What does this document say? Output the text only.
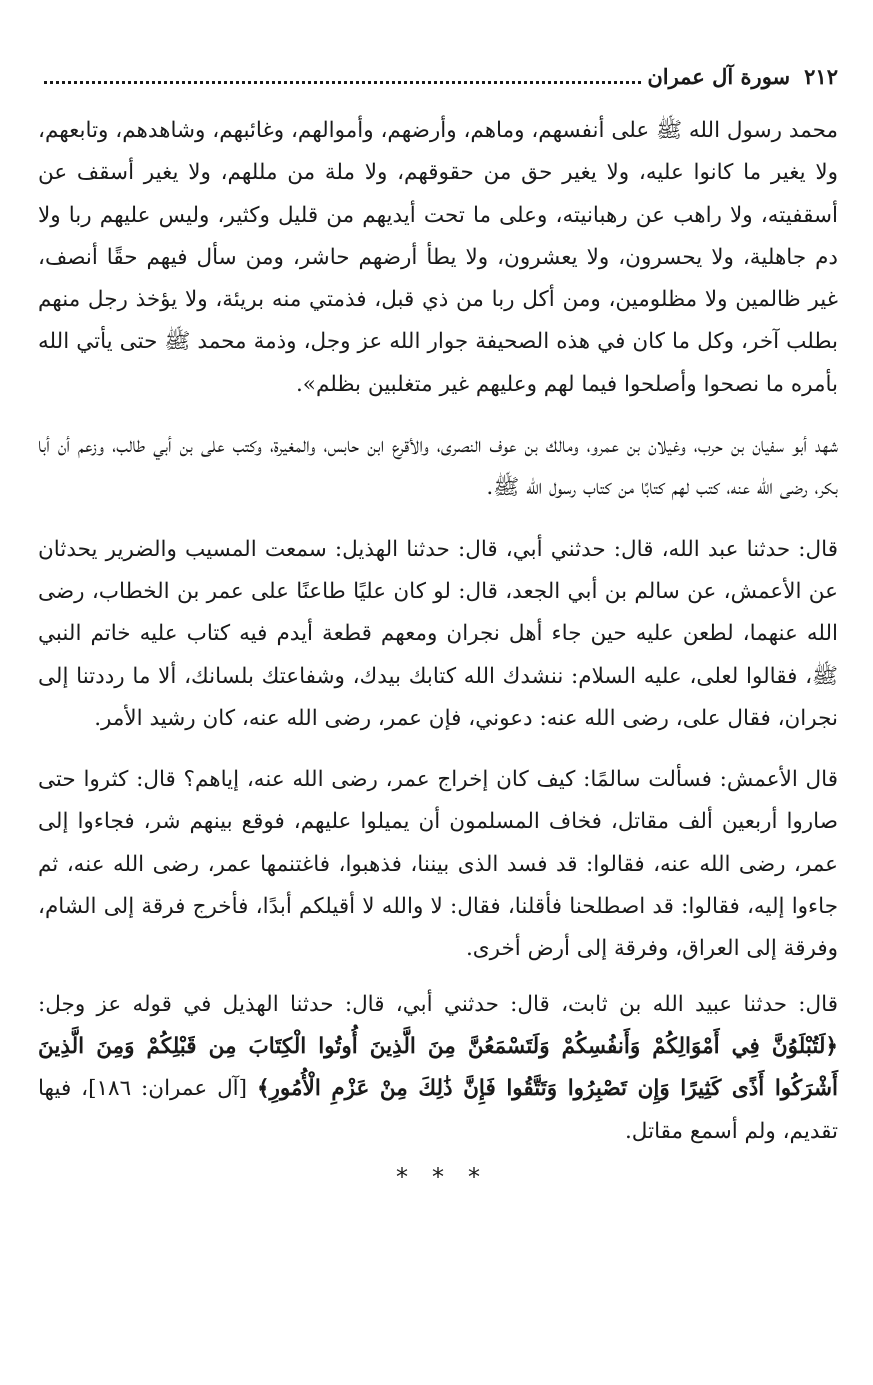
٢١٢
سورة آل عمران

محمد رسول الله ﷺ على أنفسهم، وماهم، وأرضهم، وأموالهم، وغائبهم، وشاهدهم، وتابعهم، ولا يغير ما كانوا عليه، ولا يغير حق من حقوقهم، ولا ملة من مللهم، ولا يغير أسقف عن أسقفيته، ولا راهب عن رهبانيته، وعلى ما تحت أيديهم من قليل وكثير، وليس عليهم ربا ولا دم جاهلية، ولا يحسرون، ولا يعشرون، ولا يطأ أرضهم حاشر، ومن سأل فيهم حقًا أنصف، غير ظالمين ولا مظلومين، ومن أكل ربا من ذي قبل، فذمتي منه بريئة، ولا يؤخذ رجل منهم بطلب آخر، وكل ما كان في هذه الصحيفة جوار الله عز وجل، وذمة محمد ﷺ حتى يأتي الله بأمره ما نصحوا وأصلحوا فيما لهم وعليهم غير متغلبين بظلم».

شهد أبو سفيان بن حرب، وغيلان بن عمرو، ومالك بن عوف النصرى، والأقرع ابن حابس، والمغيرة، وكتب على بن أبي طالب، وزعم أن أبا بكر، رضى الله عنه، كتب لهم كتابًا من كتاب رسول الله ﷺ.

قال: حدثنا عبد الله، قال: حدثني أبي، قال: حدثنا الهذيل: سمعت المسيب والضرير يحدثان عن الأعمش، عن سالم بن أبي الجعد، قال: لو كان عليًا طاعنًا على عمر بن الخطاب، رضى الله عنهما، لطعن عليه حين جاء أهل نجران ومعهم قطعة أيدم فيه كتاب عليه خاتم النبي ﷺ، فقالوا لعلى، عليه السلام: ننشدك الله كتابك بيدك، وشفاعتك بلسانك، ألا ما رددتنا إلى نجران، فقال على، رضى الله عنه: دعوني، فإن عمر، رضى الله عنه، كان رشيد الأمر.

قال الأعمش: فسألت سالمًا: كيف كان إخراج عمر، رضى الله عنه، إياهم؟ قال: كثروا حتى صاروا أربعين ألف مقاتل، فخاف المسلمون أن يميلوا عليهم، فوقع بينهم شر، فجاءوا إلى عمر، رضى الله عنه، فقالوا: قد فسد الذى بيننا، فذهبوا، فاغتنمها عمر، رضى الله عنه، ثم جاءوا إليه، فقالوا: قد اصطلحنا فأقلنا، فقال: لا والله لا أقيلكم أبدًا، فأخرج فرقة إلى الشام، وفرقة إلى العراق، وفرقة إلى أرض أخرى.

قال: حدثنا عبيد الله بن ثابت، قال: حدثني أبي، قال: حدثنا الهذيل في قوله عز وجل: ﴿لَتُبْلَوُنَّ فِي أَمْوَالِكُمْ وَأَنفُسِكُمْ وَلَتَسْمَعُنَّ مِنَ الَّذِينَ أُوتُوا الْكِتَابَ مِن قَبْلِكُمْ وَمِنَ الَّذِينَ أَشْرَكُوا أَذًى كَثِيرًا وَإِن تَصْبِرُوا وَتَتَّقُوا فَإِنَّ ذَٰلِكَ مِنْ عَزْمِ الْأُمُورِ﴾ [آل عمران: ١٨٦]، فيها تقديم، ولم أسمع مقاتل.

* * *
